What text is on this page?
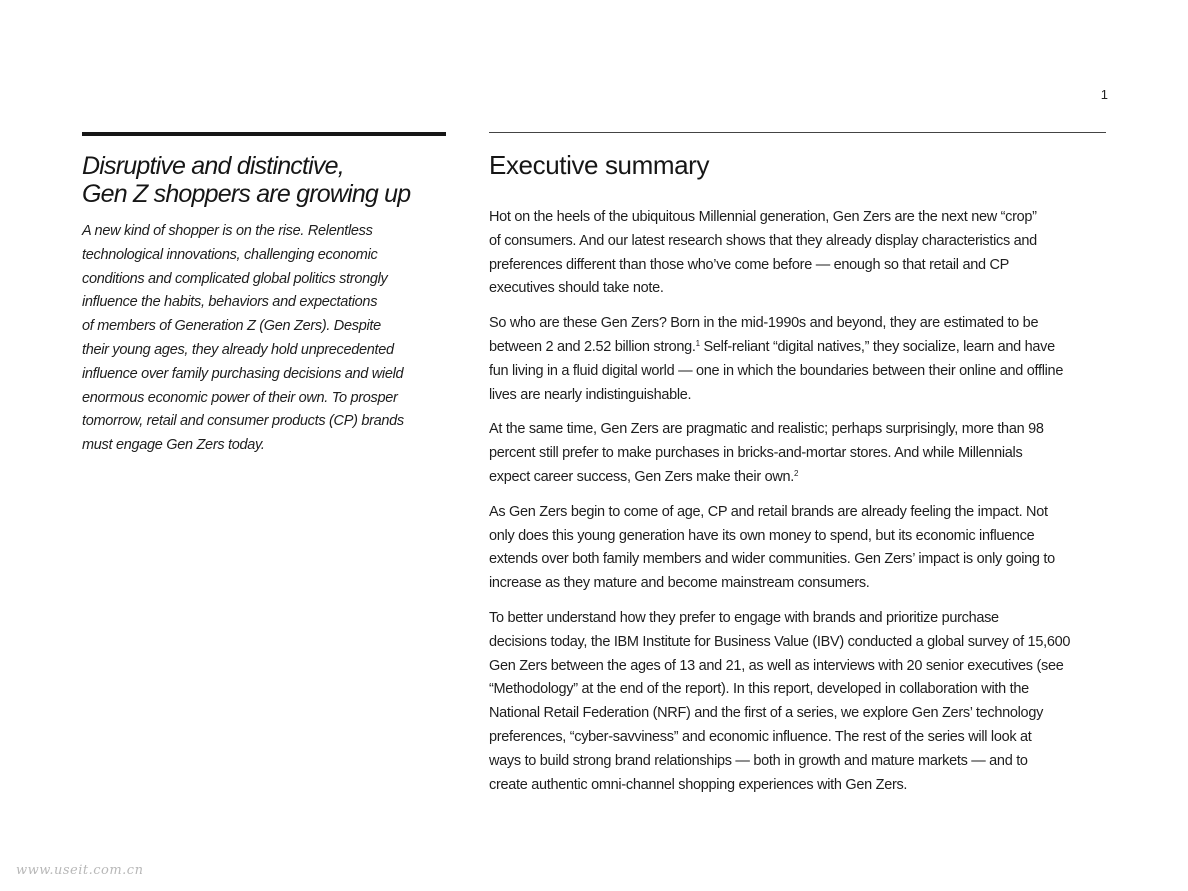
1
Disruptive and distinctive,
Gen Z shoppers are growing up

A new kind of shopper is on the rise. Relentless
technological innovations, challenging economic
conditions and complicated global politics strongly
influence the habits, behaviors and expectations
of members of Generation Z (Gen Zers). Despite
their young ages, they already hold unprecedented
influence over family purchasing decisions and wield
enormous economic power of their own. To prosper
tomorrow, retail and consumer products (CP) brands
must engage Gen Zers today.

Executive summary

Hot on the heels of the ubiquitous Millennial generation, Gen Zers are the next new “crop”
of consumers. And our latest research shows that they already display characteristics and
preferences different than those who’ve come before — enough so that retail and CP
executives should take note.

So who are these Gen Zers? Born in the mid-1990s and beyond, they are estimated to be
between 2 and 2.52 billion strong.$^1$ Self-reliant “digital natives,” they socialize, learn and have
fun living in a fluid digital world — one in which the boundaries between their online and offline
lives are nearly indistinguishable.

At the same time, Gen Zers are pragmatic and realistic; perhaps surprisingly, more than 98
percent still prefer to make purchases in bricks-and-mortar stores. And while Millennials
expect career success, Gen Zers make their own.$^2$

As Gen Zers begin to come of age, CP and retail brands are already feeling the impact. Not
only does this young generation have its own money to spend, but its economic influence
extends over both family members and wider communities. Gen Zers’ impact is only going to
increase as they mature and become mainstream consumers.

To better understand how they prefer to engage with brands and prioritize purchase
decisions today, the IBM Institute for Business Value (IBV) conducted a global survey of 15,600
Gen Zers between the ages of 13 and 21, as well as interviews with 20 senior executives (see
“Methodology” at the end of the report). In this report, developed in collaboration with the
National Retail Federation (NRF) and the first of a series, we explore Gen Zers’ technology
preferences, “cyber-savviness” and economic influence. The rest of the series will look at
ways to build strong brand relationships — both in growth and mature markets — and to
create authentic omni-channel shopping experiences with Gen Zers.

www.useit.com.cn
